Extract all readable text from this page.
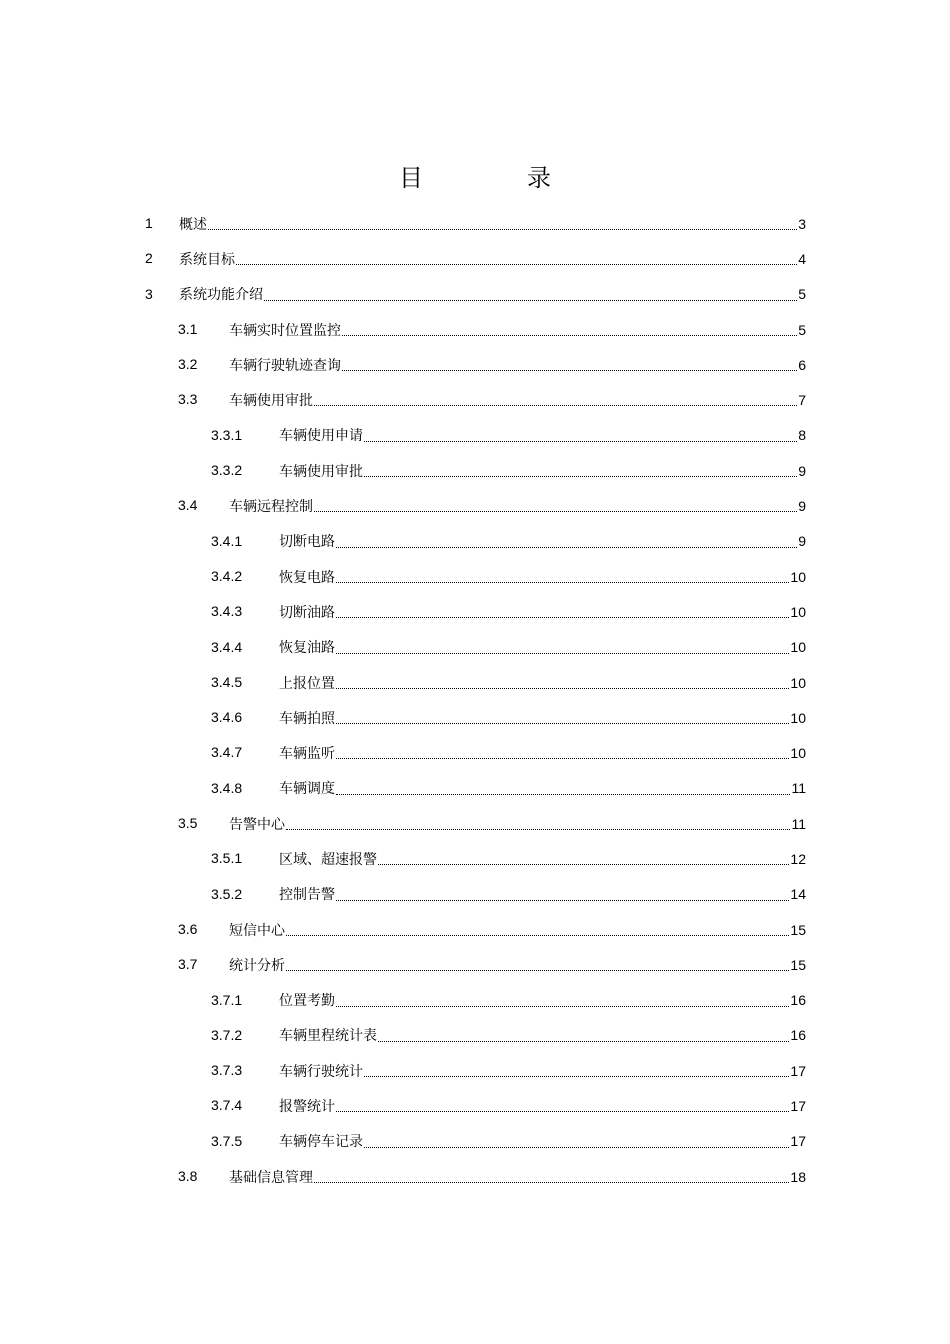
目　录
1 概述	3
2 系统目标	4
3 系统功能介绍	5
3.1 车辆实时位置监控	5
3.2 车辆行驶轨迹查询	6
3.3 车辆使用审批	7
3.3.1	车辆使用申请	8
3.3.2	车辆使用审批	9
3.4 车辆远程控制	9
3.4.1	切断电路	9
3.4.2	恢复电路	10
3.4.3	切断油路	10
3.4.4	恢复油路	10
3.4.5	上报位置	10
3.4.6	车辆拍照	10
3.4.7	车辆监听	10
3.4.8	车辆调度	11
3.5 告警中心	11
3.5.1	区域、超速报警	12
3.5.2	控制告警	14
3.6 短信中心	15
3.7 统计分析	15
3.7.1	位置考勤	16
3.7.2	车辆里程统计表	16
3.7.3	车辆行驶统计	17
3.7.4	报警统计	17
3.7.5	车辆停车记录	17
3.8 基础信息管理	18
